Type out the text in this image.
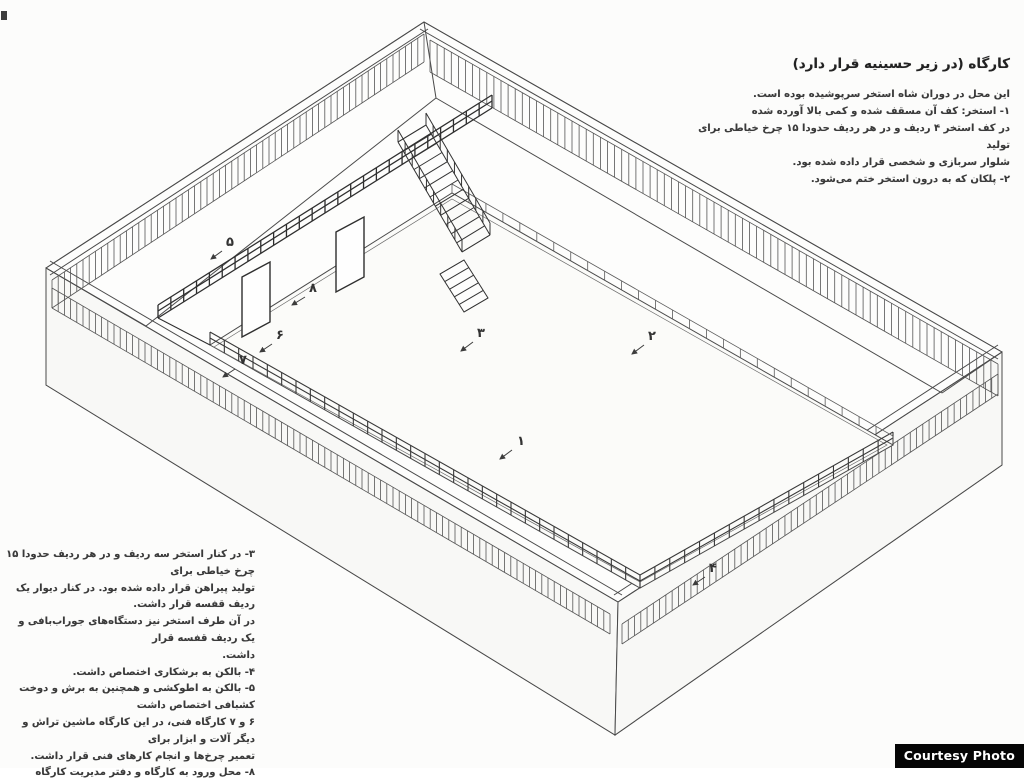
۱
۲
۳
۴
۵
۶
۷
۸
کارگاه (در زیر حسینیه قرار دارد)
این محل در دوران شاه استخر سرپوشیده بوده است.
۱- استخر: کف آن مسقف شده و کمی بالا آورده شده
در کف استخر ۴ ردیف و در هر ردیف حدودا ۱۵ چرخ خیاطی برای تولید
شلوار سربازی و شخصی قرار داده شده بود.
۲- پلکان که به درون استخر ختم می‌شود.
۳- در کنار استخر سه ردیف و در هر ردیف حدودا ۱۵ چرخ خیاطی برای
تولید پیراهن قرار داده شده بود. در کنار دیوار یک ردیف قفسه قرار داشت.
در آن طرف استخر نیز دستگاه‌های جوراب‌بافی و یک ردیف قفسه قرار
داشت.
۴- بالکن به برشکاری اختصاص داشت.
۵- بالکن به اطوکشی و همچنین به برش و دوخت کشبافی اختصاص داشت
۶ و ۷ کارگاه فنی، در این کارگاه ماشین تراش و دیگر آلات و ابزار برای
تعمیر چرخ‌ها و انجام کارهای فنی قرار داشت.
۸- محل ورود به کارگاه و دفتر مدیریت کارگاه
Courtesy Photo
